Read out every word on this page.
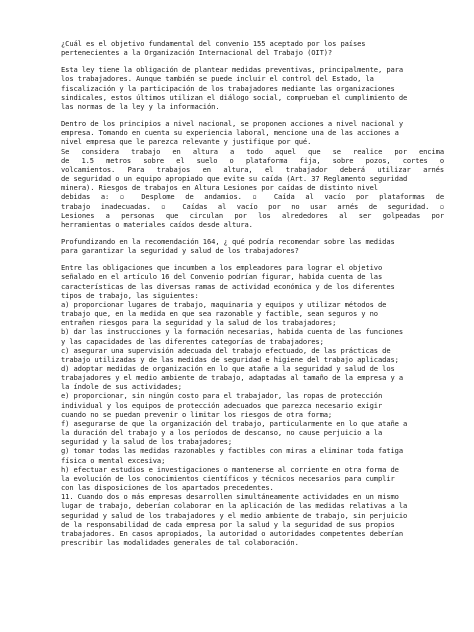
¿Cuál es el objetivo fundamental del convenio 155 aceptado por los países
pertenecientes a la Organización Internacional del Trabajo (OIT)?
Esta ley tiene la obligación de plantear medidas preventivas, principalmente, para
los trabajadores. Aunque también se puede incluir el control del Estado, la
fiscalización y la participación de los trabajadores mediante las organizaciones
sindicales, estos últimos utilizan el diálogo social, comprueban el cumplimiento de
las normas de la ley y la información.
Dentro de los principios a nivel nacional, se proponen acciones a nivel nacional y
empresa. Tomando en cuenta su experiencia laboral, mencione una de las acciones a
nivel empresa que le parezca relevante y justifique por qué.
Se considera trabajo en altura a todo aquel que se realice por encima
de 1.5 metros sobre el suelo o plataforma fija, sobre pozos, cortes o
volcamientos. Para trabajos en altura, el trabajador deberá utilizar arnés
de seguridad o un equipo apropiado que evite su caída (Art. 37 Reglamento seguridad
minera). Riesgos de trabajos en Altura Lesiones por caídas de distinto nivel
debidas a: ◽ Desplome de andamios. ◽ Caída al vacío por plataformas de
trabajo inadecuadas. ◽ Caídas al vacío por no usar arnés de seguridad. ◽
Lesiones a personas que circulan por los alrededores al ser golpeadas por
herramientas o materiales caídos desde altura.
Profundizando en la recomendación 164, ¿ qué podría recomendar sobre las medidas
para garantizar la seguridad y salud de los trabajadores?
Entre las obligaciones que incumben a los empleadores para lograr el objetivo
señalado en el artículo 16 del Convenio podrían figurar, habida cuenta de las
características de las diversas ramas de actividad económica y de los diferentes
tipos de trabajo, las siguientes:
a) proporcionar lugares de trabajo, maquinaria y equipos y utilizar métodos de
trabajo que, en la medida en que sea razonable y factible, sean seguros y no
entrañen riesgos para la seguridad y la salud de los trabajadores;
b) dar las instrucciones y la formación necesarias, habida cuenta de las funciones
y las capacidades de las diferentes categorías de trabajadores;
c) asegurar una supervisión adecuada del trabajo efectuado, de las prácticas de
trabajo utilizadas y de las medidas de seguridad e higiene del trabajo aplicadas;
d) adoptar medidas de organización en lo que atañe a la seguridad y salud de los
trabajadores y el medio ambiente de trabajo, adaptadas al tamaño de la empresa y a
la índole de sus actividades;
e) proporcionar, sin ningún costo para el trabajador, las ropas de protección
individual y los equipos de protección adecuados que parezca necesario exigir
cuando no se puedan prevenir o limitar los riesgos de otra forma;
f) asegurarse de que la organización del trabajo, particularmente en lo que atañe a
la duración del trabajo y a los períodos de descanso, no cause perjuicio a la
seguridad y la salud de los trabajadores;
g) tomar todas las medidas razonables y factibles con miras a eliminar toda fatiga
física o mental excesiva;
h) efectuar estudios e investigaciones o mantenerse al corriente en otra forma de
la evolución de los conocimientos científicos y técnicos necesarios para cumplir
con las disposiciones de los apartados precedentes.
11. Cuando dos o más empresas desarrollen simultáneamente actividades en un mismo
lugar de trabajo, deberían colaborar en la aplicación de las medidas relativas a la
seguridad y salud de los trabajadores y el medio ambiente de trabajo, sin perjuicio
de la responsabilidad de cada empresa por la salud y la seguridad de sus propios
trabajadores. En casos apropiados, la autoridad o autoridades competentes deberían
prescribir las modalidades generales de tal colaboración.
